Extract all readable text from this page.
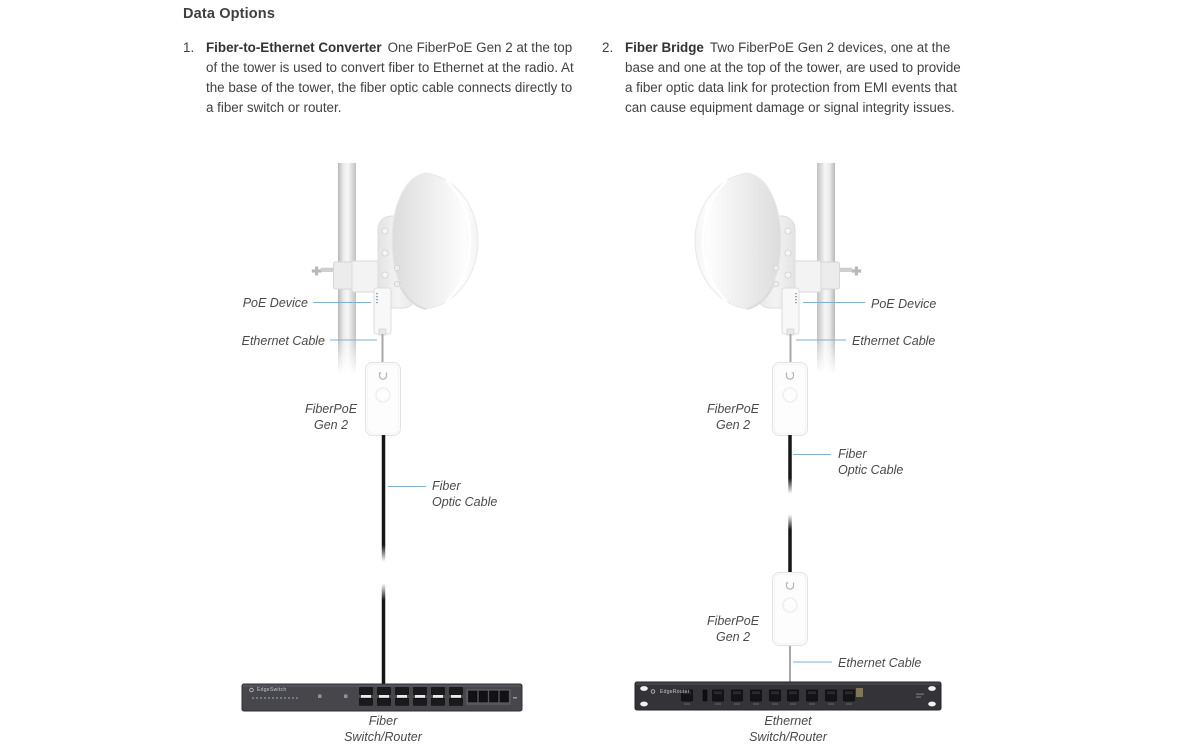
Data Options
1. Fiber-to-Ethernet Converter One FiberPoE Gen 2 at the top of the tower is used to convert fiber to Ethernet at the radio. At the base of the tower, the fiber optic cable connects directly to a fiber switch or router.
2. Fiber Bridge Two FiberPoE Gen 2 devices, one at the base and one at the top of the tower, are used to provide a fiber optic data link for protection from EMI events that can cause equipment damage or signal integrity issues.
PoE Device
Ethernet Cable
FiberPoE
Gen 2
Fiber
Optic Cable
Fiber
Switch/Router
EdgeSwitch
PoE Device
Ethernet Cable
FiberPoE
Gen 2
Fiber
Optic Cable
FiberPoE
Gen 2
Ethernet Cable
Ethernet
Switch/Router
EdgeRouter
